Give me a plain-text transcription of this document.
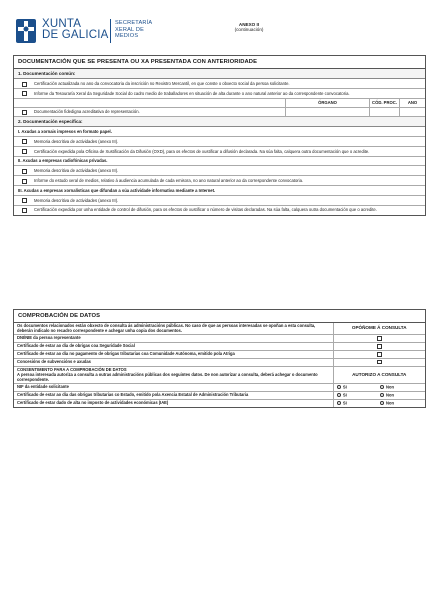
XUNTA
DE GALICIA
SECRETARÍA
XERAL DE
MEDIOS
ANEXO II
(continuación)
DOCUMENTACIÓN QUE SE PRESENTA OU XA PRESENTADA CON ANTERIORIDADE
1. Documentación común:
Certificación actualizada no ano da convocatoria da inscrición no Rexistro Mercantil, en que conste o obxecto social da persoa solicitante.
Informe da Tesouraría Xeral da Seguridade Social do cadro medio de traballadores en situación de alta durante o ano natural anterior ao da correspondente convocatoria.
ÓRGANO	CÓD. PROC.	ANO
Documentación fidedigna acreditativa de representación.
2. Documentación específica:
I. Axudas a xornais impresos en formato papel.
Memoria descritiva de actividades (anexo III).
Certificación expedida pola Oficina de Xustificación da Difusión (OXD), para os efectos de xustificar a difusión declarada. Na súa falta, calquera outra documentación que o acredite.
II. Axudas a empresas radiofónicas privadas.
Memoria descritiva de actividades (anexo III).
Informe do estudo xeral de medios, relativo á audiencia acumulada de cada emisora, no ano natural anterior ao da correspondente convocatoria.
III. Axudas a empresas xornalísticas que difundan a súa actividade informativa mediante a Internet.
Memoria descritiva de actividades (anexo III).
Certificación expedida por unha entidade de control de difusión, para os efectos de xustificar o número de visitas declaradas. Na súa falta, calquera outra documentación que o acredite.
COMPROBACIÓN DE DATOS
Os documentos relacionados están obxecto de consulta ás administracións públicas. No caso de que as persoas interesadas se opoñan a esta consulta, deberán indicalo no recadro correspondente e achegar unha copia dos documentos.	OPÓÑOME Á CONSULTA
DNI/NIE da persoa representante	
Certificado de estar ao día de obrigas coa Seguridade Social	
Certificado de estar ao día no pagamento de obrigas tributarias coa Comunidade Autónoma, emitido pola Atriga	
Concesións de subvencións e axudas	

CONSENTIMENTO PARA A COMPROBACIÓN DE DATOS
A persoa interesada autoriza a consulta a outras administracións públicas dos seguintes datos. De non autorizar a consulta, deberá achegar o documento correspondente.	AUTORIZO A CONSULTA
NIF da entidade solicitante	SI Non
Certificado de estar ao día das obrigas tributarias co Estado, emitido pola Axencia Estatal de Administración Tributaria	SI Non
Certificado de estar dado de alta no imposto de actividades económicas (IAE)	SI Non
